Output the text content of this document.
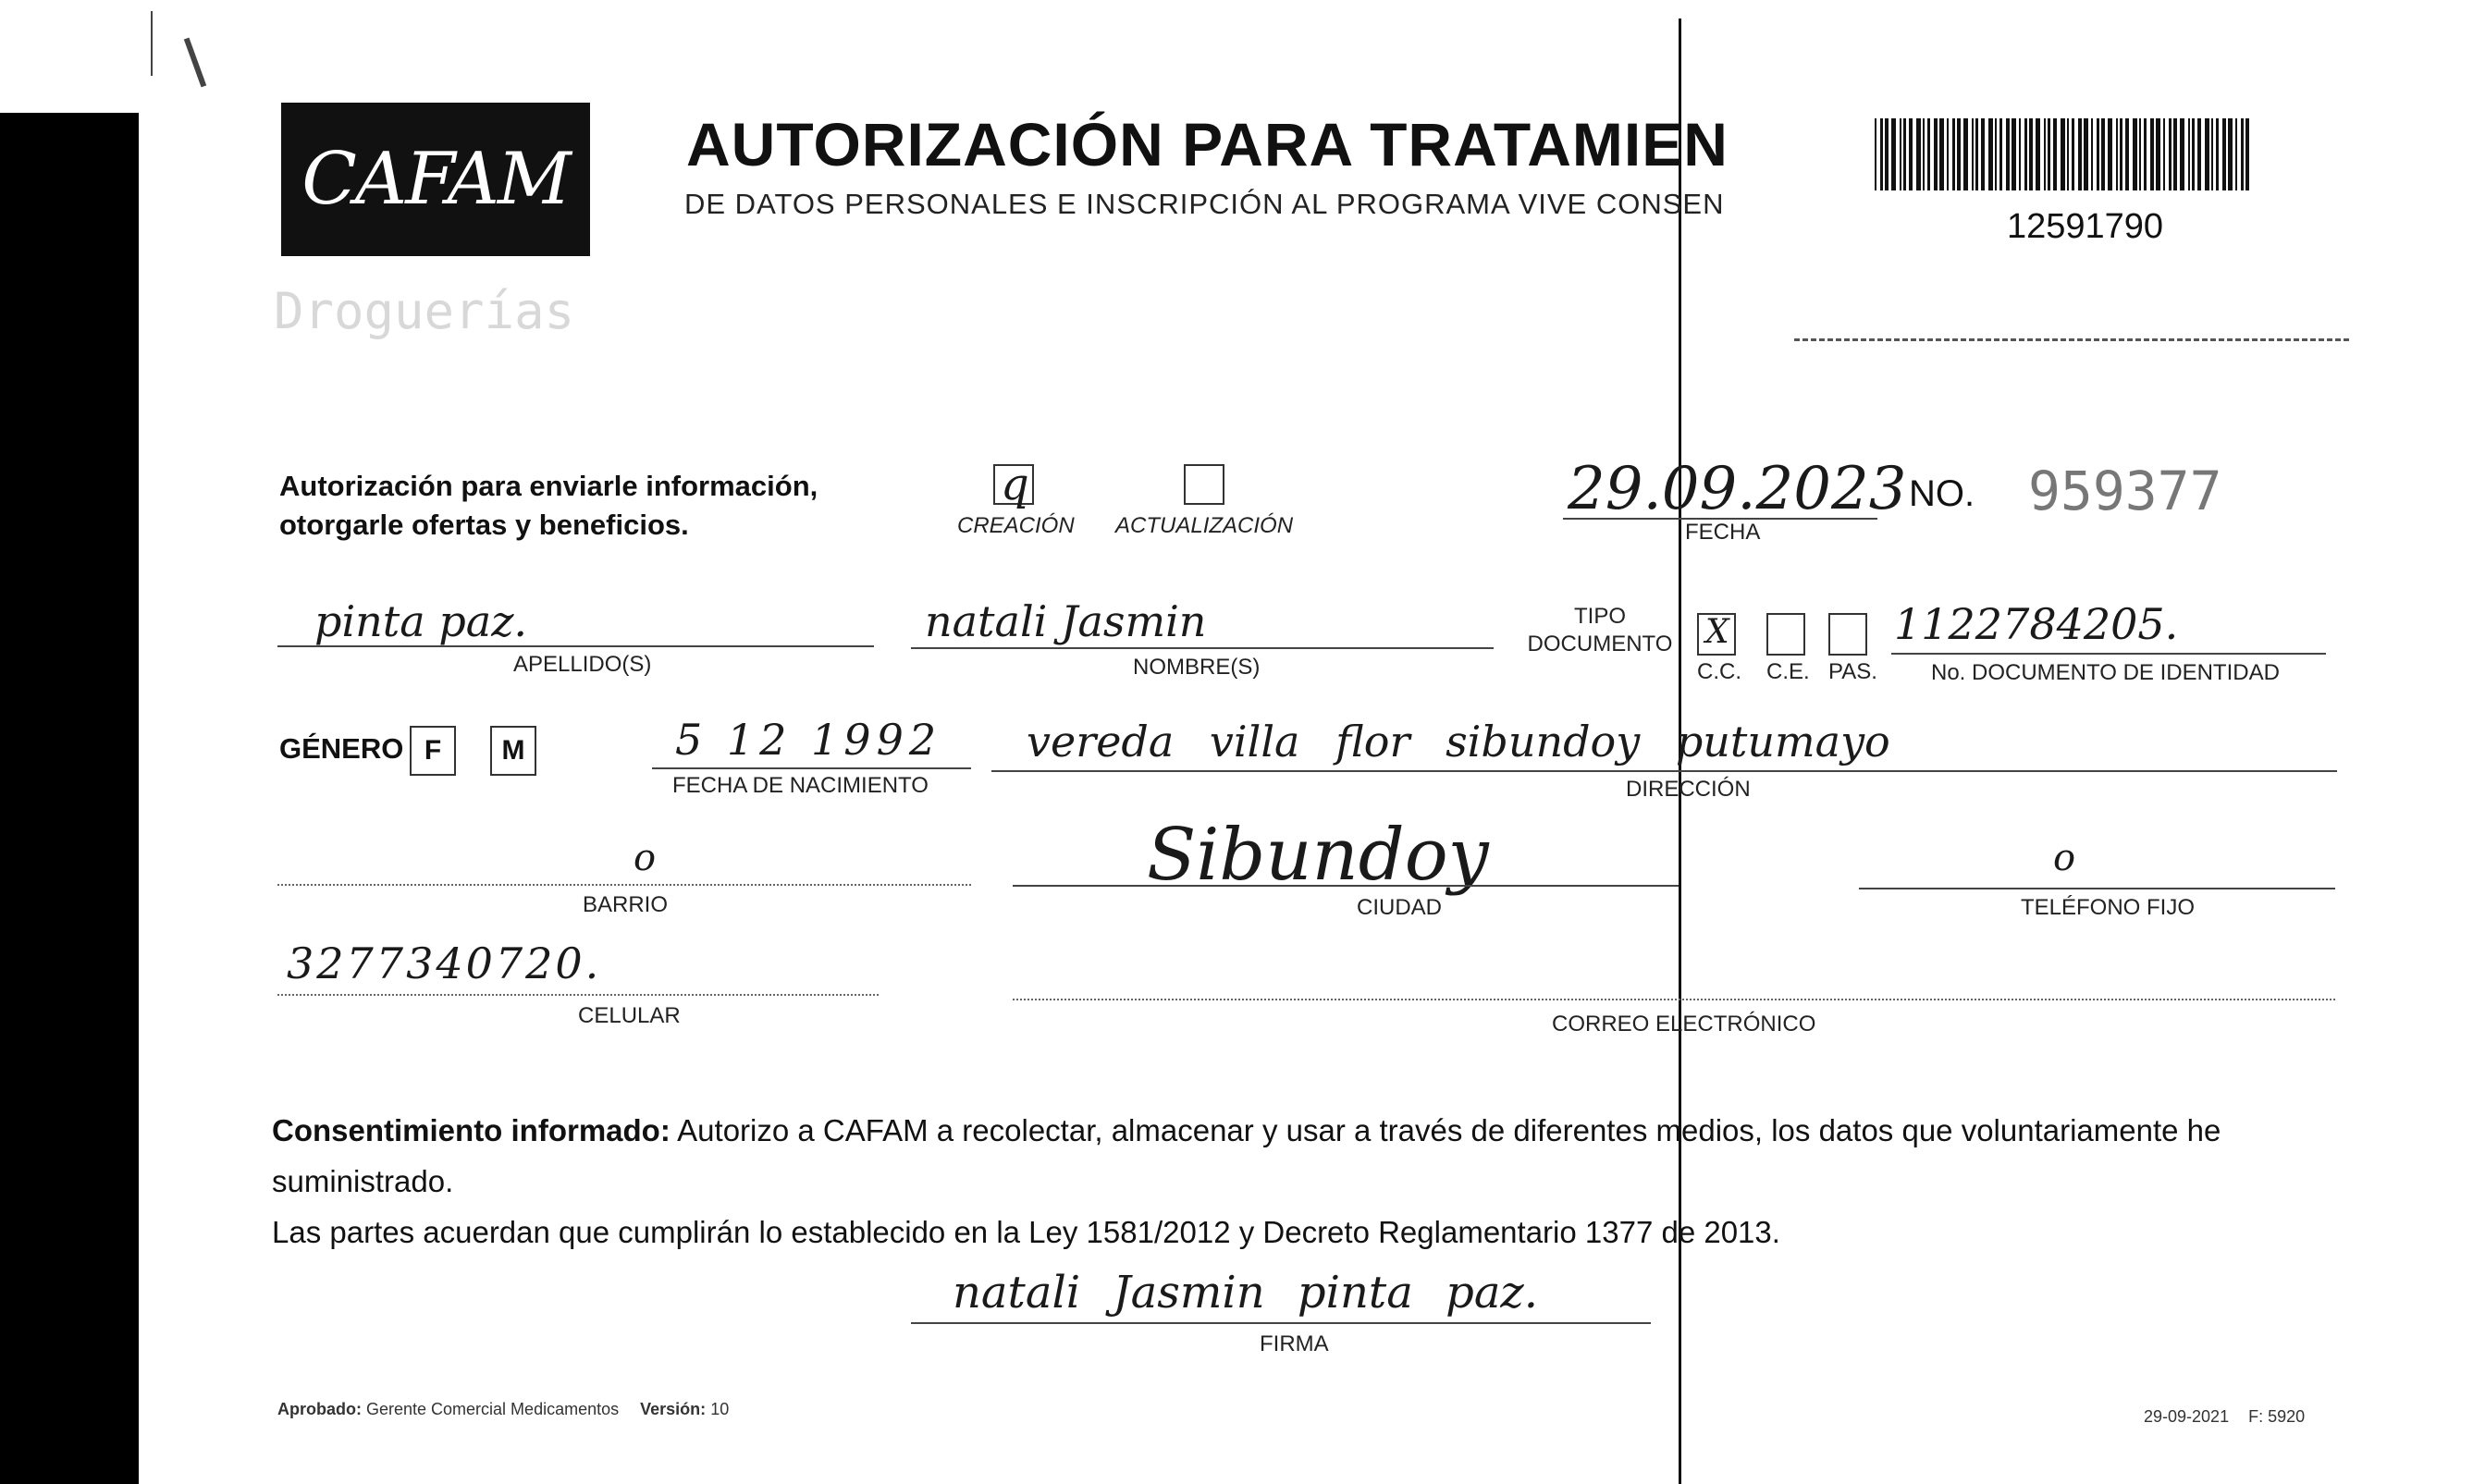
CAFAM
Droguerías
AUTORIZACIÓN PARA TRATAMIEN
DE DATOS PERSONALES E INSCRIPCIÓN AL PROGRAMA VIVE CONSEN
12591790
Autorización para enviarle información,
otorgarle ofertas y beneficios.
q
CREACIÓN ACTUALIZACIÓN
29.09.2023
FECHA
NO. 959377
pinta paz.
APELLIDO(S)
natali Jasmin
NOMBRE(S)
TIPO DOCUMENTO X
C.C. C.E. PAS.
1122784205.
No. DOCUMENTO DE IDENTIDAD
GÉNERO F	M	5 12 1992
FECHA DE NACIMIENTO
vereda villa flor sibundoy putumayo
DIRECCIÓN
o
BARRIO
Sibundoy
CIUDAD
o
TELÉFONO FIJO
3277340720.
CELULAR	CORREO ELECTRÓNICO
Consentimiento informado: Autorizo a CAFAM a recolectar, almacenar y usar a través de diferentes medios, los datos que voluntariamente he suministrado.
Las partes acuerdan que cumplirán lo establecido en la Ley 1581/2012 y Decreto Reglamentario 1377 de 2013.
natali Jasmin pinta paz.
FIRMA
Aprobado: Gerente Comercial Medicamentos Versión: 10	29-09-2021 F: 5920
